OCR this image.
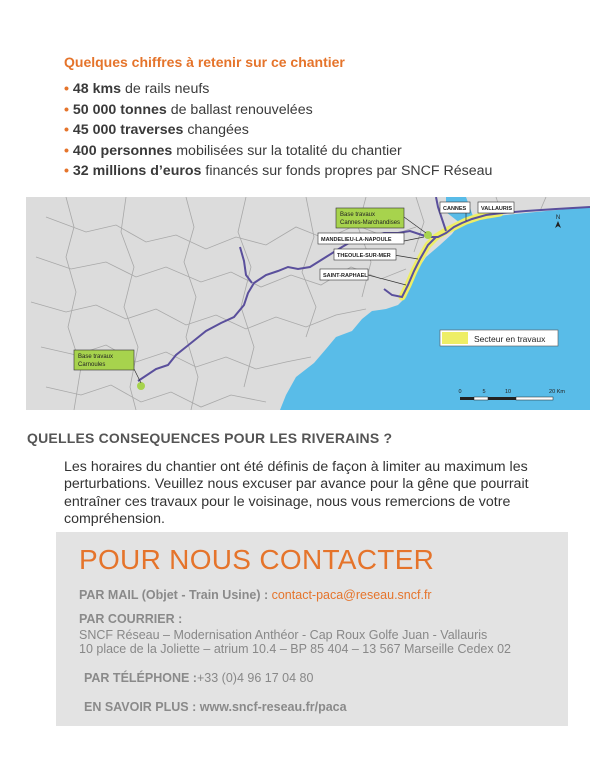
Quelques chiffres à retenir sur ce chantier
• 48 kms de rails neufs
• 50 000 tonnes de ballast renouvelées
• 45 000 traverses changées
• 400 personnes mobilisées sur la totalité du chantier
• 32 millions d’euros financés sur fonds propres par SNCF Réseau
Base travaux
Cannes-Marchandises
Base travaux
Carnoules
CANNES	VALLAURIS
MANDELIEU-LA-NAPOULE
THEOULE-SUR-MER
SAINT-RAPHAEL
Secteur en travaux
N
0	5	10	20 Km
QUELLES CONSEQUENCES POUR LES RIVERAINS ?

Les horaires du chantier ont été définis de façon à limiter au maximum les perturbations. Veuillez nous excuser par avance pour la gêne que pourrait entraîner ces travaux pour le voisinage, nous vous remercions de votre compréhension.

POUR NOUS CONTACTER
PAR MAIL (Objet - Train Usine) : contact-paca@reseau.sncf.fr
PAR COURRIER :
SNCF Réseau – Modernisation Anthéor - Cap Roux Golfe Juan - Vallauris
10 place de la Joliette – atrium 10.4 – BP 85 404 – 13 567 Marseille Cedex 02
PAR TÉLÉPHONE :+33 (0)4 96 17 04 80
EN SAVOIR PLUS : www.sncf-reseau.fr/paca
